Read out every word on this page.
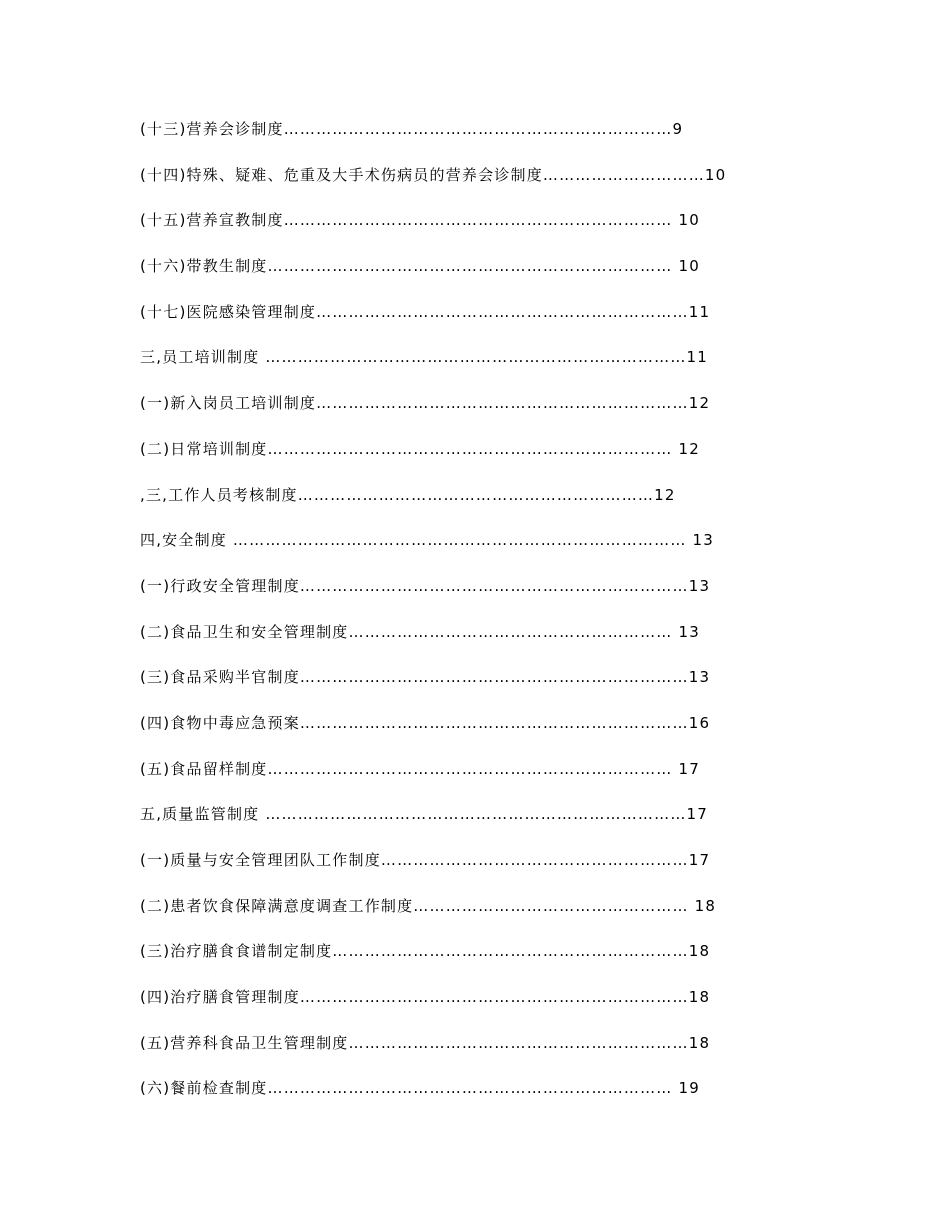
(十三)营养会诊制度………………………………………………………………9
(十四)特殊、疑难、危重及大手术伤病员的营养会诊制度…………………………10
(十五)营养宣教制度……………………………………………………………… 10
(十六)带教生制度………………………………………………………………… 10
(十七)医院感染管理制度……………………………………………………………11
三,员工培训制度 ……………………………………………………………………11
(一)新入岗员工培训制度……………………………………………………………12
(二)日常培训制度………………………………………………………………… 12
,三,工作人员考核制度…………………………………………………………12
四,安全制度 ………………………………………………………………………… 13
(一)行政安全管理制度………………………………………………………………13
(二)食品卫生和安全管理制度…………………………………………………… 13
(三)食品采购半官制度………………………………………………………………13
(四)食物中毒应急预案………………………………………………………………16
(五)食品留样制度………………………………………………………………… 17
五,质量监管制度 ……………………………………………………………………17
(一)质量与安全管理团队工作制度…………………………………………………17
(二)患者饮食保障满意度调查工作制度…………………………………………… 18
(三)治疗膳食食谱制定制度…………………………………………………………18
(四)治疗膳食管理制度………………………………………………………………18
(五)营养科食品卫生管理制度………………………………………………………18
(六)餐前检查制度………………………………………………………………… 19
